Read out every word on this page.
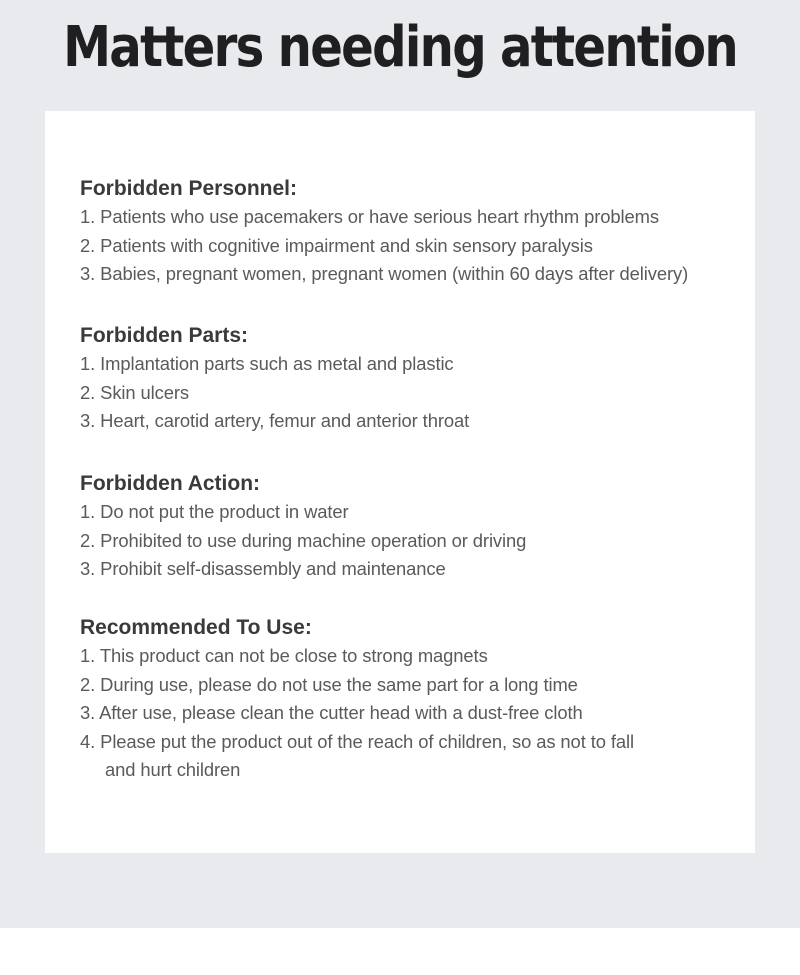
Matters needing attention
Forbidden Personnel:
1. Patients who use pacemakers or have serious heart rhythm problems
2. Patients with cognitive impairment and skin sensory paralysis
3. Babies, pregnant women, pregnant women (within 60 days after delivery)
Forbidden Parts:
1. Implantation parts such as metal and plastic
2. Skin ulcers
3. Heart, carotid artery, femur and anterior throat
Forbidden Action:
1. Do not put the product in water
2. Prohibited to use during machine operation or driving
3. Prohibit self-disassembly and maintenance
Recommended To Use:
1. This product can not be close to strong magnets
2. During use, please do not use the same part for a long time
3. After use, please clean the cutter head with a dust-free cloth
4. Please put the product out of the reach of children, so as not to fall
and hurt children
